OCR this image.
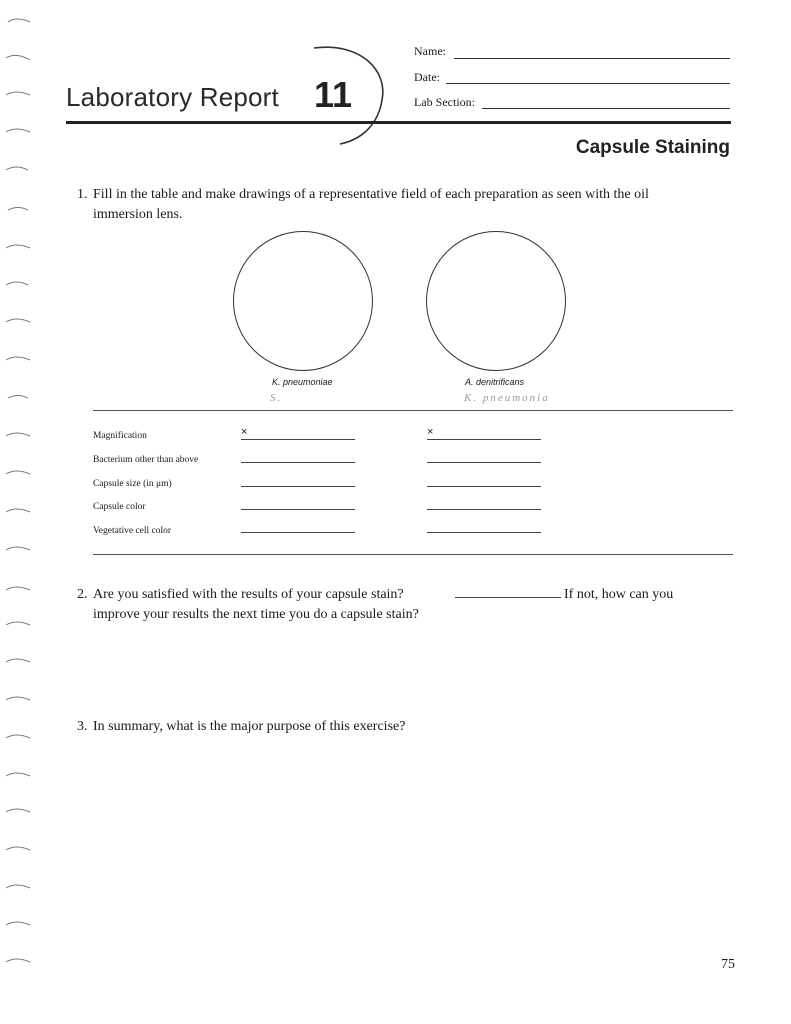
Laboratory Report 11
Name:
Date:
Lab Section:
Capsule Staining
1. Fill in the table and make drawings of a representative field of each preparation as seen with the oil
immersion lens.
K. pneumoniae	A. denitrificans
S.	K. pneumonia
Magnification	×	×
Bacterium other than above
Capsule size (in μm)
Capsule color
Vegetative cell color
2. Are you satisfied with the results of your capsule stain?
improve your results the next time you do a capsule stain?
If not, how can you
3. In summary, what is the major purpose of this exercise?
75
